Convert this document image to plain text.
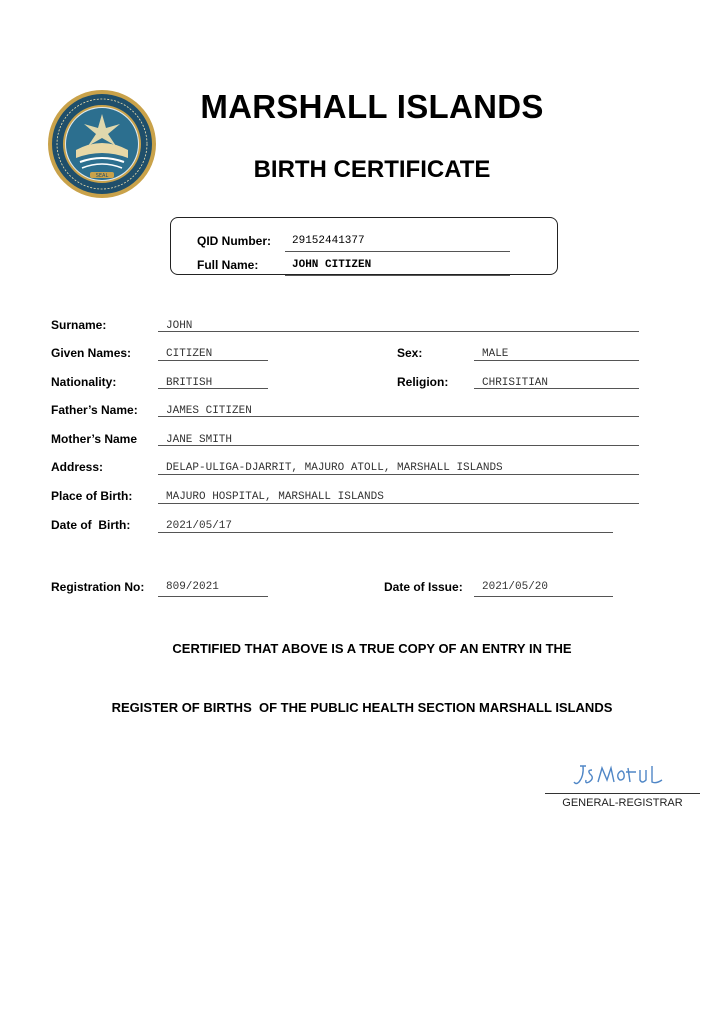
SEAL
MARSHALL ISLANDS
BIRTH CERTIFICATE
QID Number: 29152441377
Full Name:	JOHN CITIZEN
Surname:	JOHN
Given Names:	CITIZEN	Sex:	MALE
Nationality:	BRITISH	Religion:	CHRISITIAN
Father’s Name:	JAMES CITIZEN
Mother’s Name	JANE SMITH
Address:	DELAP-ULIGA-DJARRIT, MAJURO ATOLL, MARSHALL ISLANDS
Place of Birth:	MAJURO HOSPITAL, MARSHALL ISLANDS
Date of  Birth:	2021/05/17
Registration No: 809/2021	Date of Issue: 2021/05/20
CERTIFIED THAT ABOVE IS A TRUE COPY OF AN ENTRY IN THE
REGISTER OF BIRTHS  OF THE PUBLIC HEALTH SECTION MARSHALL ISLANDS
GENERAL-REGISTRAR
